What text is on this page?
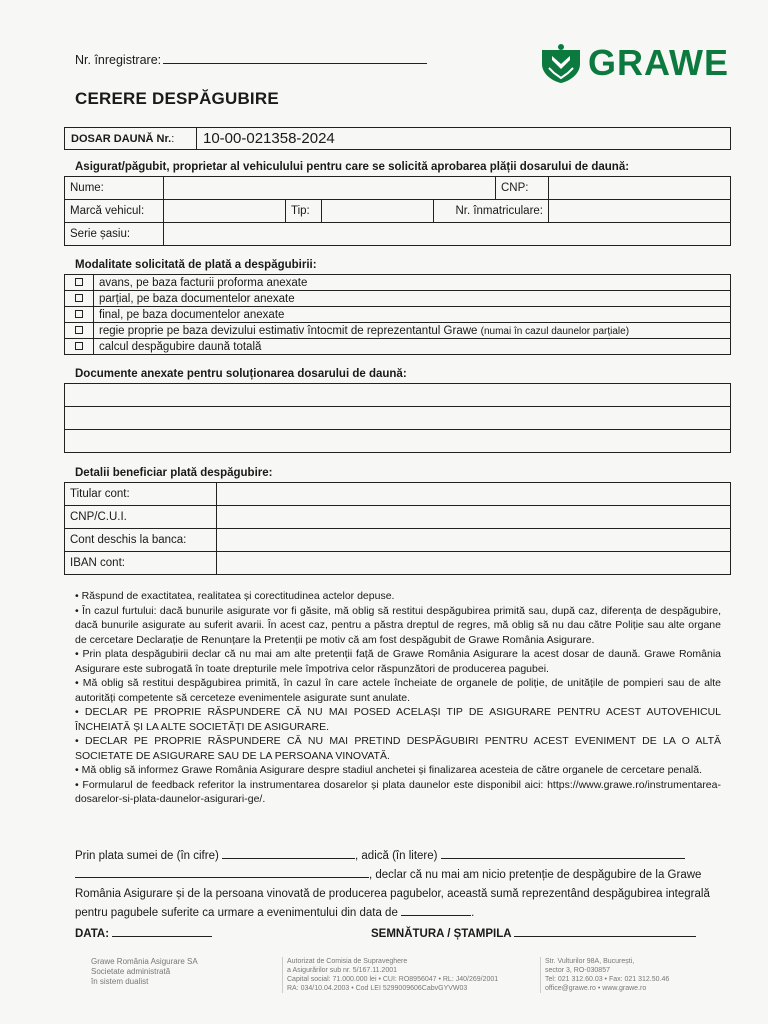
Nr. înregistrare:	GRAWE
CERERE DESPĂGUBIRE
DOSAR DAUNĂ Nr. :	10-00-021358-2024
Asigurat/păgubit, proprietar al vehiculului pentru care se solicită aprobarea plății dosarului de daună:
Nume:					CNP:	
Marcă vehicul:		Tip:		Nr. înmatriculare:		
Serie șasiu:						
Modalitate solicitată de plată a despăgubirii:
	avans, pe baza facturii proforma anexate
	parțial, pe baza documentelor anexate
	final, pe baza documentelor anexate
	regie proprie pe baza devizului estimativ întocmit de reprezentantul Grawe (numai în cazul daunelor parțiale)
	calcul despăgubire daună totală
Documente anexate pentru soluționarea dosarului de daună:

Detalii beneficiar plată despăgubire:
Titular cont:	
CNP/C.U.I.	
Cont deschis la banca:	
IBAN cont:	

• Răspund de exactitatea, realitatea și corectitudinea actelor depuse.

• În cazul furtului: dacă bunurile asigurate vor fi găsite, mă oblig să restitui despăgubirea primită sau, după caz, diferența de despăgubire, dacă bunurile asigurate au suferit avarii. În acest caz, pentru a păstra dreptul de regres, mă oblig să nu dau către Poliție sau alte organe de cercetare Declarație de Renunțare la Pretenții pe motiv că am fost despăgubit de Grawe România Asigurare.

• Prin plata despăgubirii declar că nu mai am alte pretenții față de Grawe România Asigurare la acest dosar de daună. Grawe România Asigurare este subrogată în toate drepturile mele împotriva celor răspunzători de producerea pagubei.

• Mă oblig să restitui despăgubirea primită, în cazul în care actele încheiate de organele de poliție, de unitățile de pompieri sau de alte autorități competente să cerceteze evenimentele asigurate sunt anulate.

• DECLAR PE PROPRIE RĂSPUNDERE CĂ NU MAI POSED ACELAȘI TIP DE ASIGURARE PENTRU ACEST AUTOVEHICUL ÎNCHEIATĂ ȘI LA ALTE SOCIETĂȚI DE ASIGURARE.

• DECLAR PE PROPRIE RĂSPUNDERE CĂ NU MAI PRETIND DESPĂGUBIRI PENTRU ACEST EVENIMENT DE LA O ALTĂ SOCIETATE DE ASIGURARE SAU DE LA PERSOANA VINOVATĂ.

• Mă oblig să informez Grawe România Asigurare despre stadiul anchetei și finalizarea acesteia de către organele de cercetare penală.

• Formularul de feedback referitor la instrumentarea dosarelor și plata daunelor este disponibil aici: https://www.grawe.ro/instrumentarea-dosarelor-si-plata-daunelor-asigurari-ge/.

Prin plata sumei de (în cifre)	, adică (în litere)
, declar că nu mai am nicio pretenție de despăgubire de la Grawe România Asigurare și de la persoana vinovată de producerea pagubelor, această sumă reprezentând despăgubirea integrală pentru pagubele suferite ca urmare a evenimentului din data de	.
DATA:	SEMNĂTURA / ȘTAMPILA
Grawe România Asigurare SA
Societate administrată
în sistem dualist
Autorizat de Comisia de Supraveghere
a Asigurărilor sub nr. 5/167.11.2001
Capital social: 71.000.000 lei • CUI: RO8956047 • RL: J40/269/2001
RA: 034/10.04.2003 • Cod LEI 5299009606CabvGYVW03
Str. Vulturilor 98A, București,
sector 3, RO-030857
Tel: 021 312.60.03 • Fax: 021 312.50.46
office@grawe.ro • www.grawe.ro
